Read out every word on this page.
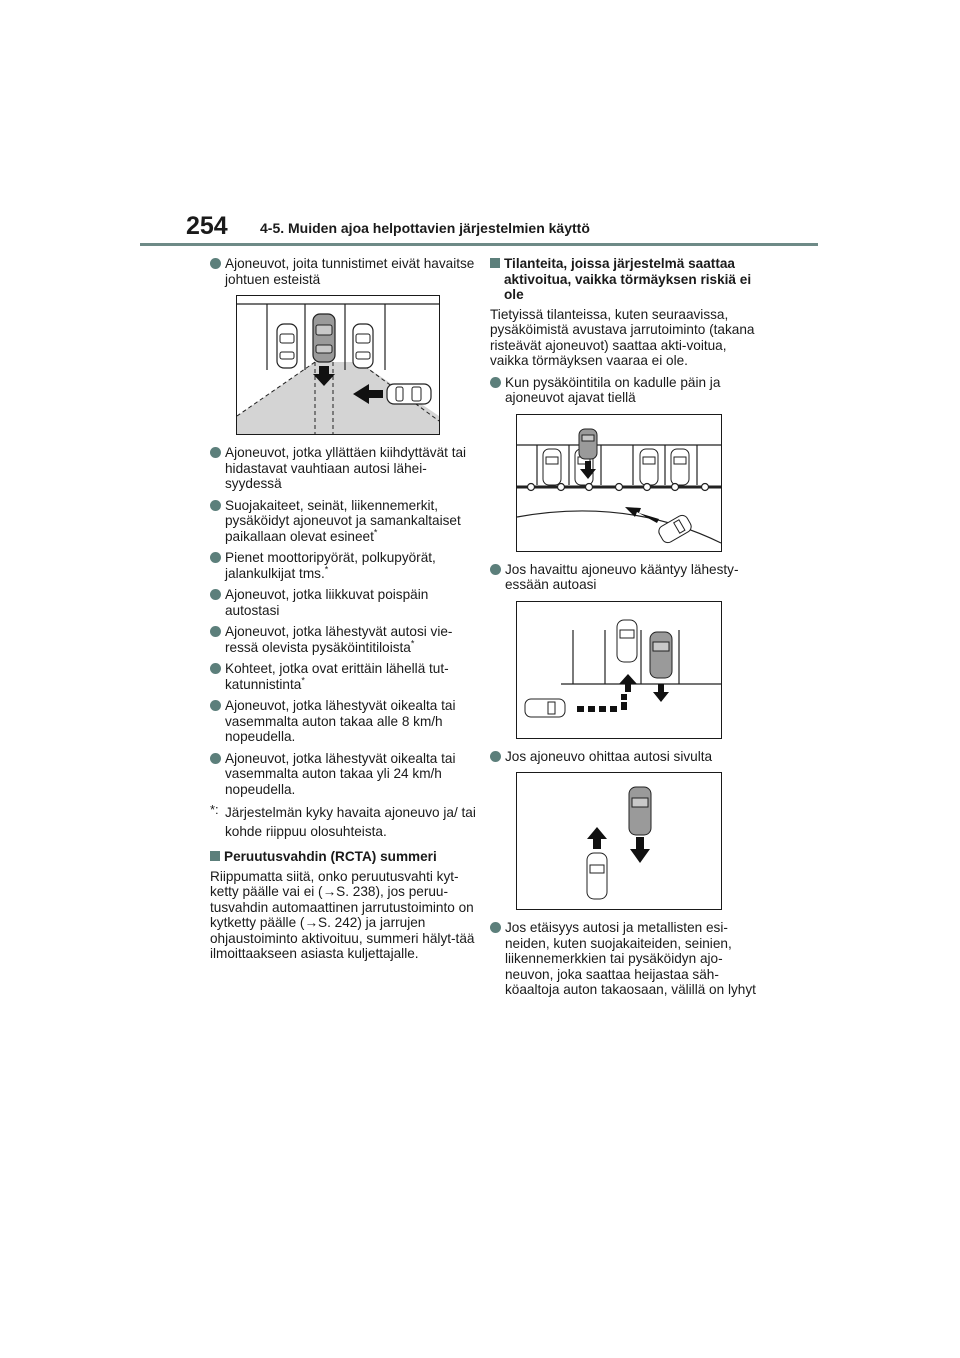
254 4-5. Muiden ajoa helpottavien järjestelmien käyttö
Ajoneuvot, joita tunnistimet eivät havaitse johtuen esteistä
Ajoneuvot, jotka yllättäen kiihdyttävät tai hidastavat vauhtiaan autosi lähei-syydessä
Suojakaiteet, seinät, liikennemerkit, pysäköidyt ajoneuvot ja samankaltaiset paikallaan olevat esineet*
Pienet moottoripyörät, polkupyörät, jalankulkijat tms.*
Ajoneuvot, jotka liikkuvat poispäin autostasi
Ajoneuvot, jotka lähestyvät autosi vie-ressä olevista pysäköintitiloista*
Kohteet, jotka ovat erittäin lähellä tut-katunnistinta*
Ajoneuvot, jotka lähestyvät oikealta tai vasemmalta auton takaa alle 8 km/h nopeudella.
Ajoneuvot, jotka lähestyvät oikealta tai vasemmalta auton takaa yli 24 km/h nopeudella.
*: Järjestelmän kyky havaita ajoneuvo ja/ tai kohde riippuu olosuhteista.
Peruutusvahdin (RCTA) summeri
Riippumatta siitä, onko peruutusvahti kyt-ketty päälle vai ei (→S. 238), jos peruu-tusvahdin automaattinen jarrutustoiminto on kytketty päälle (→S. 242) ja jarrujen ohjaustoiminto aktivoituu, summeri hälyt-tää ilmoittaakseen asiasta kuljettajalle.
Tilanteita, joissa järjestelmä saattaa aktivoitua, vaikka törmäyksen riskiä ei ole
Tietyissä tilanteissa, kuten seuraavissa, pysäköimistä avustava jarrutoiminto (takana risteävät ajoneuvot) saattaa akti-voitua, vaikka törmäyksen vaaraa ei ole.
Kun pysäköintitila on kadulle päin ja ajoneuvot ajavat tiellä
Jos havaittu ajoneuvo kääntyy lähesty-essään autoasi
Jos ajoneuvo ohittaa autosi sivulta
Jos etäisyys autosi ja metallisten esi-neiden, kuten suojakaiteiden, seinien, liikennemerkkien tai pysäköidyn ajo-neuvon, joka saattaa heijastaa säh-köaaltoja auton takaosaan, välillä on lyhyt
